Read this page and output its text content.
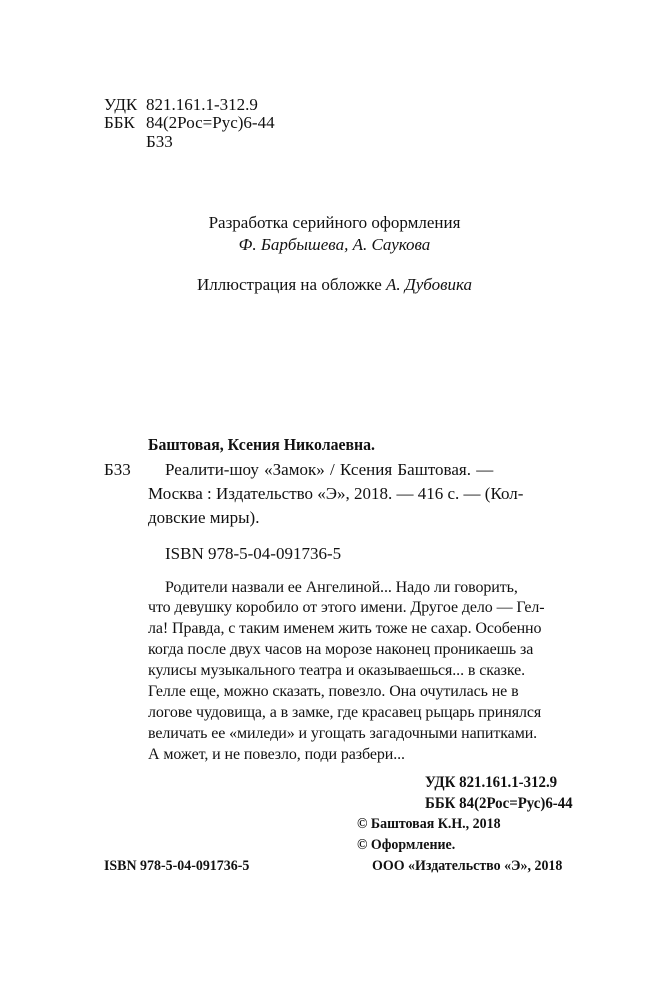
УДК 821.161.1-312.9
ББК 84(2Рос=Рус)6-44
Б33
Разработка серийного оформления
Ф. Барбышева, А. Саукова
Иллюстрация на обложке А. Дубовика
Баштовая, Ксения Николаевна.
Б33 Реалити-шоу «Замок» / Ксения Баштовая. —
Москва : Издательство «Э», 2018. — 416 с. — (Кол-
довские миры).
ISBN 978-5-04-091736-5
Родители назвали ее Ангелиной... Надо ли говорить,
что девушку коробило от этого имени. Другое дело — Гел-
ла! Правда, с таким именем жить тоже не сахар. Особенно
когда после двух часов на морозе наконец проникаешь за
кулисы музыкального театра и оказываешься... в сказке.
Гелле еще, можно сказать, повезло. Она очутилась не в
логове чудовища, а в замке, где красавец рыцарь принялся
величать ее «миледи» и угощать загадочными напитками.
А может, и не повезло, поди разбери...
УДК 821.161.1-312.9
ББК 84(2Рос=Рус)6-44
© Баштовая К.Н., 2018
© Оформление.
ООО «Издательство «Э», 2018
ISBN 978-5-04-091736-5
